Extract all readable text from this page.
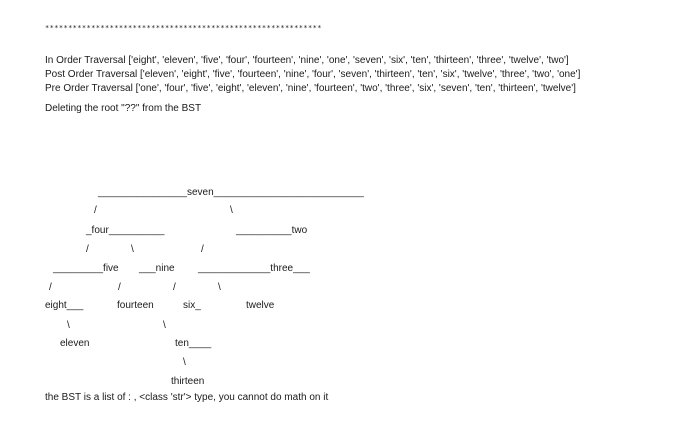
************************************************************
In Order Traversal ['eight', 'eleven', 'five', 'four', 'fourteen', 'nine', 'one', 'seven', 'six', 'ten', 'thirteen', 'three', 'twelve', 'two']
Post Order Traversal ['eleven', 'eight', 'five', 'fourteen', 'nine', 'four', 'seven', 'thirteen', 'ten', 'six', 'twelve', 'three', 'two', 'one']
Pre Order Traversal ['one', 'four', 'five', 'eight', 'eleven', 'nine', 'fourteen', 'two', 'three', 'six', 'seven', 'ten', 'thirteen', 'twelve']
Deleting the root "??" from the BST
________________seven___________________________
/	\
_four__________	__________two
/	\	/
_________five ___nine _____________three___
/	/	/	\
eight___	fourteen	six_	twelve
\	\
eleven	ten____
\
thirteen
the BST is a list of : , <class 'str'> type, you cannot do math on it
